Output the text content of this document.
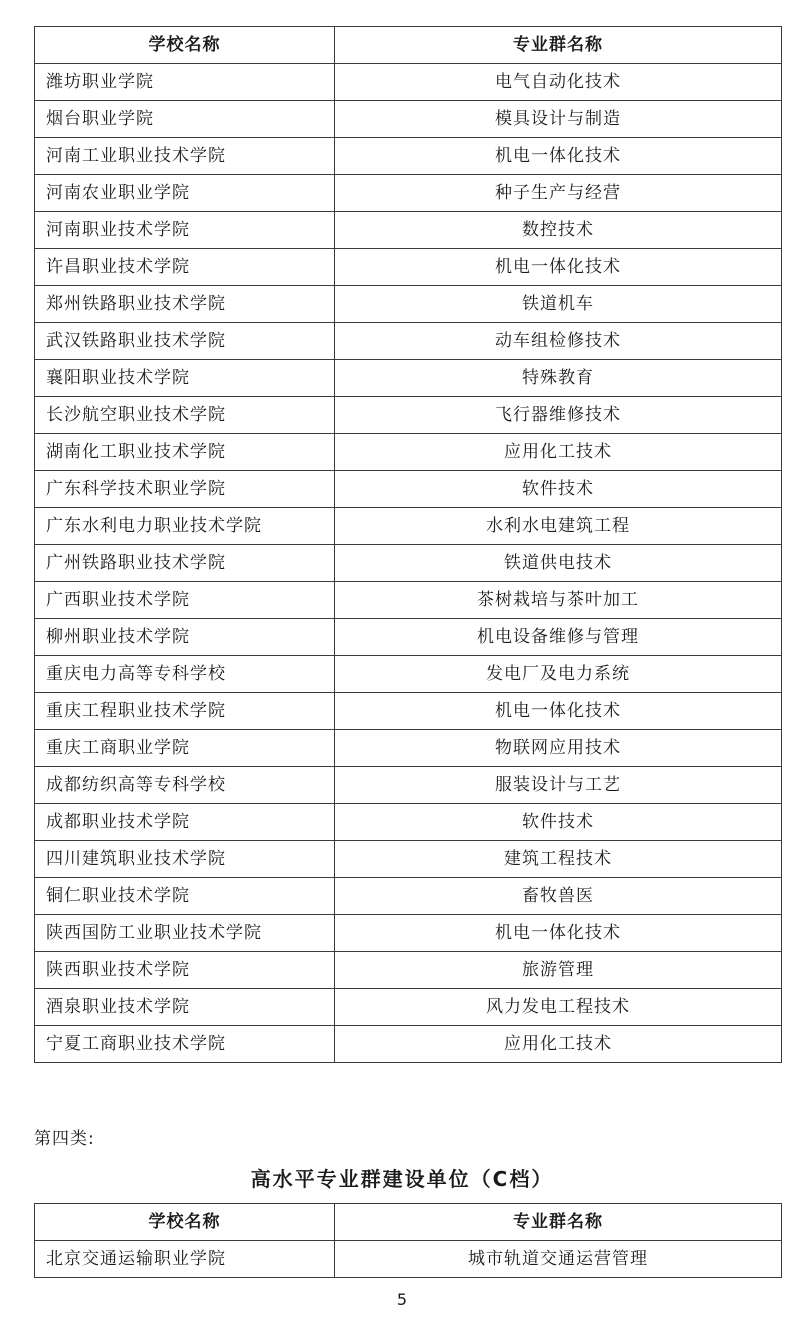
学校名称	专业群名称
潍坊职业学院	电气自动化技术
烟台职业学院	模具设计与制造
河南工业职业技术学院	机电一体化技术
河南农业职业学院	种子生产与经营
河南职业技术学院	数控技术
许昌职业技术学院	机电一体化技术
郑州铁路职业技术学院	铁道机车
武汉铁路职业技术学院	动车组检修技术
襄阳职业技术学院	特殊教育
长沙航空职业技术学院	飞行器维修技术
湖南化工职业技术学院	应用化工技术
广东科学技术职业学院	软件技术
广东水利电力职业技术学院	水利水电建筑工程
广州铁路职业技术学院	铁道供电技术
广西职业技术学院	茶树栽培与茶叶加工
柳州职业技术学院	机电设备维修与管理
重庆电力高等专科学校	发电厂及电力系统
重庆工程职业技术学院	机电一体化技术
重庆工商职业学院	物联网应用技术
成都纺织高等专科学校	服装设计与工艺
成都职业技术学院	软件技术
四川建筑职业技术学院	建筑工程技术
铜仁职业技术学院	畜牧兽医
陕西国防工业职业技术学院	机电一体化技术
陕西职业技术学院	旅游管理
酒泉职业技术学院	风力发电工程技术
宁夏工商职业技术学院	应用化工技术
第四类:
高水平专业群建设单位（C档）
学校名称	专业群名称
北京交通运输职业学院	城市轨道交通运营管理
5
